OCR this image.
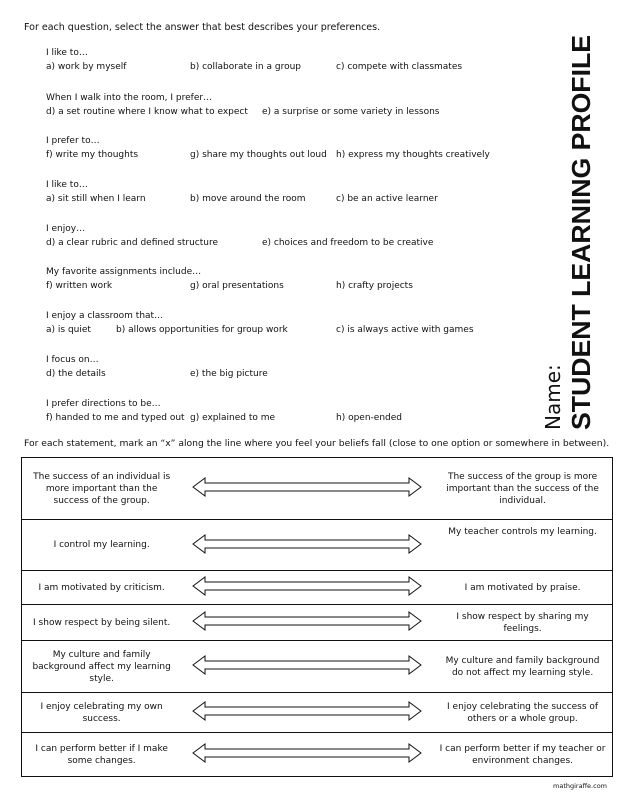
For each question, select the answer that best describes your preferences.
I like to…
a) work by myself	b) collaborate in a group	c) compete with classmates
When I walk into the room, I prefer…
d) a set routine where I know what to expect e) a surprise or some variety in lessons
I prefer to…
f) write my thoughts	g) share my thoughts out loud h) express my thoughts creatively
I like to…
a) sit still when I learn	b) move around the room	c) be an active learner
I enjoy…
d) a clear rubric and defined structure	e) choices and freedom to be creative
My favorite assignments include…
f) written work	g) oral presentations	h) crafty projects
I enjoy a classroom that…
a) is quiet	b) allows opportunities for group work	c) is always active with games
I focus on…
d) the details	e) the big picture
I prefer directions to be…
f) handed to me and typed out g) explained to me	h) open-ended	STUDENT LEARNING PROFILE
Name:
For each statement, mark an “x” along the line where you feel your beliefs fall (close to one option or somewhere in between).
The success of an individual is more important than the success of the group.		The success of the group is more important than the success of the individual.
I control my learning.		My teacher controls my learning.
I am motivated by criticism.		I am motivated by praise.
I show respect by being silent.		I show respect by sharing my feelings.
My culture and family background affect my learning style.		My culture and family background do not affect my learning style.
I enjoy celebrating my own success.		I enjoy celebrating the success of others or a whole group.
I can perform better if I make some changes.		I can perform better if my teacher or environment changes.
mathgiraffe.com
